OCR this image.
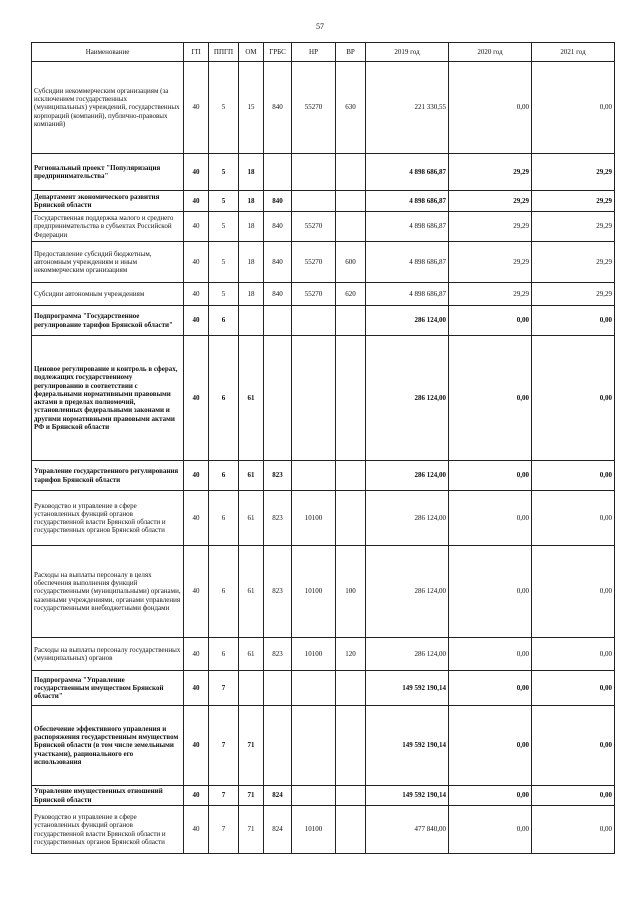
57
Наименование	ГП	ППГП	ОМ	ГРБС	НР	ВР	2019 год	2020 год	2021 год
Субсидии некоммерческим организациям (за исключением государственных (муниципальных) учреждений, государственных корпораций (компаний), публично-правовых компаний)	40	5	15	840	55270	630	221 330,55	0,00	0,00
Региональный проект "Популяризация предпринимательства"	40	5	18				4 898 686,87	29,29	29,29
Департамент экономического развития Брянской области	40	5	18	840			4 898 686,87	29,29	29,29
Государственная поддержка малого и среднего предпринимательства в субъектах Российской Федерации	40	5	18	840	55270		4 898 686,87	29,29	29,29
Предоставление субсидий бюджетным, автономным учреждениям и иным некоммерческим организациям	40	5	18	840	55270	600	4 898 686,87	29,29	29,29
Субсидии автономным учреждениям	40	5	18	840	55270	620	4 898 686,87	29,29	29,29
Подпрограмма "Государственное регулирование тарифов Брянской области"	40	6					286 124,00	0,00	0,00
Ценовое регулирование и контроль в сферах, подлежащих государственному регулированию в соответствии с федеральными нормативными правовыми актами в пределах полномочий, установленных федеральными законами и другими нормативными правовыми актами РФ и Брянской области	40	6	61				286 124,00	0,00	0,00
Управление государственного регулирования тарифов Брянской области	40	6	61	823			286 124,00	0,00	0,00
Руководство и управление в сфере установленных функций органов государственной власти Брянской области и государственных органов Брянской области	40	6	61	823	10100		286 124,00	0,00	0,00
Расходы на выплаты персоналу в целях обеспечения выполнения функций государственными (муниципальными) органами, казенными учреждениями, органами управления государственными внебюджетными фондами	40	6	61	823	10100	100	286 124,00	0,00	0,00
Расходы на выплаты персоналу государственных (муниципальных) органов	40	6	61	823	10100	120	286 124,00	0,00	0,00
Подпрограмма "Управление государственным имуществом Брянской области"	40	7					149 592 190,14	0,00	0,00
Обеспечение эффективного управления и распоряжения государственным имуществом Брянской области (в том числе земельными участками), рационального его использования	40	7	71				149 592 190,14	0,00	0,00
Управление имущественных отношений Брянской области	40	7	71	824			149 592 190,14	0,00	0,00
Руководство и управление в сфере установленных функций органов государственной власти Брянской области и государственных органов Брянской области	40	7	71	824	10100		477 840,00	0,00	0,00
